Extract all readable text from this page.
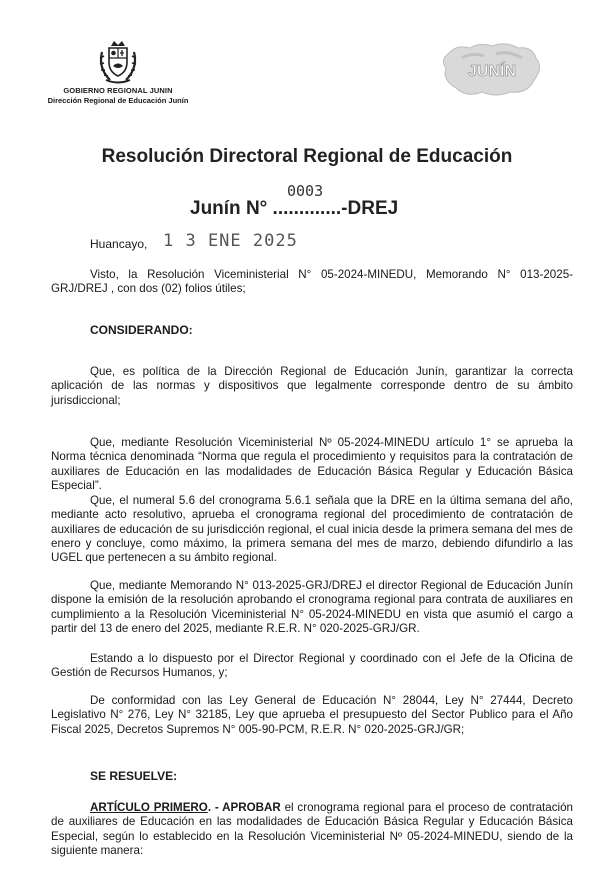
GOBIERNO REGIONAL JUNIN
Dirección Regional de Educación Junín
JUNÍN
Resolución Directoral Regional de Educación
Junín N° .............-DREJ
0003
Huancayo, 1 3 ENE 2025
Visto, la Resolución Viceministerial N° 05-2024-MINEDU, Memorando N° 013-2025-GRJ/DREJ , con dos (02) folios útiles;
CONSIDERANDO:
Que, es política de la Dirección Regional de Educación Junín, garantizar la correcta aplicación de las normas y dispositivos que legalmente corresponde dentro de su ámbito jurisdiccional;
Que, mediante Resolución Viceministerial Nº 05-2024-MINEDU artículo 1° se aprueba la Norma técnica denominada “Norma que regula el procedimiento y requisitos para la contratación de auxiliares de Educación en las modalidades de Educación Básica Regular y Educación Básica Especial”.
Que, el numeral 5.6 del cronograma 5.6.1 señala que la DRE en la última semana del año, mediante acto resolutivo, aprueba el cronograma regional del procedimiento de contratación de auxiliares de educación de su jurisdicción regional, el cual inicia desde la primera semana del mes de enero y concluye, como máximo, la primera semana del mes de marzo, debiendo difundirlo a las UGEL que pertenecen a su ámbito regional.
Que, mediante Memorando N° 013-2025-GRJ/DREJ el director Regional de Educación Junín dispone la emisión de la resolución aprobando el cronograma regional para contrata de auxiliares en cumplimiento a la Resolución Viceministerial N° 05-2024-MINEDU en vista que asumió el cargo a partir del 13 de enero del 2025, mediante R.E.R. N° 020-2025-GRJ/GR.
Estando a lo dispuesto por el Director Regional y coordinado con el Jefe de la Oficina de Gestión de Recursos Humanos, y;
De conformidad con las Ley General de Educación N° 28044, Ley N° 27444, Decreto Legislativo N° 276, Ley N° 32185, Ley que aprueba el presupuesto del Sector Publico para el Año Fiscal 2025, Decretos Supremos N° 005-90-PCM, R.E.R. N° 020-2025-GRJ/GR;
SE RESUELVE:
ARTÍCULO PRIMERO. - APROBAR el cronograma regional para el proceso de contratación de auxiliares de Educación en las modalidades de Educación Básica Regular y Educación Básica Especial, según lo establecido en la Resolución Viceministerial Nº 05-2024-MINEDU, siendo de la siguiente manera:
